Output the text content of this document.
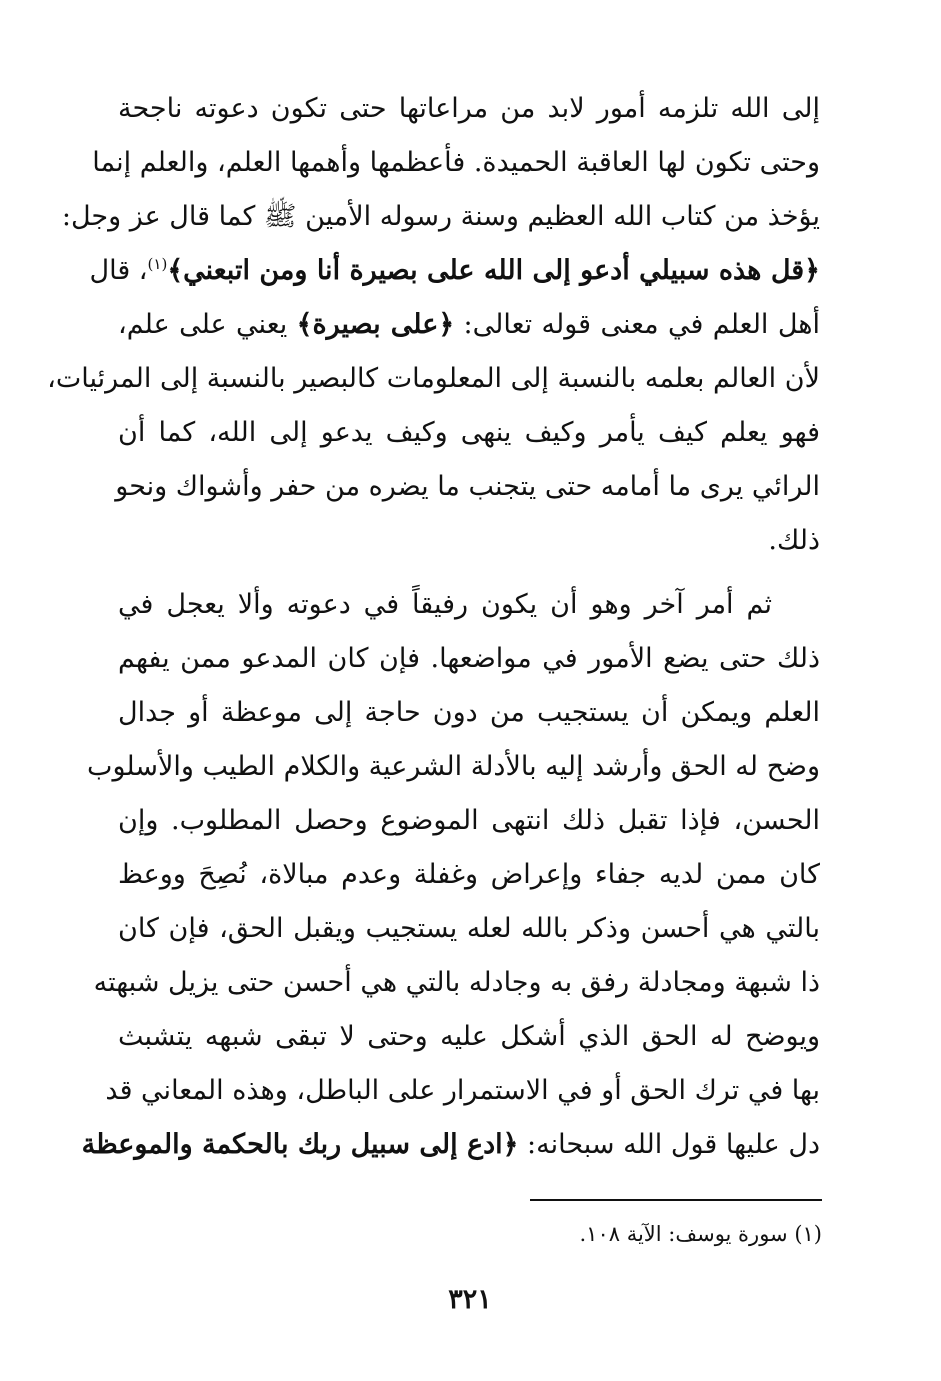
إلى الله تلزمه أمور لابد من مراعاتها حتى تكون دعوته ناجحة
وحتى تكون لها العاقبة الحميدة. فأعظمها وأهمها العلم، والعلم إنما
يؤخذ من كتاب الله العظيم وسنة رسوله الأمين ﷺ كما قال عز وجل:
﴿قل هذه سبيلي أدعو إلى الله على بصيرة أنا ومن اتبعني﴾$^{(١)}$، قال
أهل العلم في معنى قوله تعالى: ﴿على بصيرة﴾ يعني على علم،
لأن العالم بعلمه بالنسبة إلى المعلومات كالبصير بالنسبة إلى المرئيات،
فهو يعلم كيف يأمر وكيف ينهى وكيف يدعو إلى الله، كما أن
الرائي يرى ما أمامه حتى يتجنب ما يضره من حفر وأشواك ونحو
ذلك.
ثم أمر آخر وهو أن يكون رفيقاً في دعوته وألا يعجل في
ذلك حتى يضع الأمور في مواضعها. فإن كان المدعو ممن يفهم
العلم ويمكن أن يستجيب من دون حاجة إلى موعظة أو جدال
وضح له الحق وأرشد إليه بالأدلة الشرعية والكلام الطيب والأسلوب
الحسن، فإذا تقبل ذلك انتهى الموضوع وحصل المطلوب. وإن
كان ممن لديه جفاء وإعراض وغفلة وعدم مبالاة، نُصِحَ ووعظ
بالتي هي أحسن وذكر بالله لعله يستجيب ويقبل الحق، فإن كان
ذا شبهة ومجادلة رفق به وجادله بالتي هي أحسن حتى يزيل شبهته
ويوضح له الحق الذي أشكل عليه وحتى لا تبقى شبهه يتشبث
بها في ترك الحق أو في الاستمرار على الباطل، وهذه المعاني قد
دل عليها قول الله سبحانه: ﴿ادع إلى سبيل ربك بالحكمة والموعظة
(١) سورة يوسف: الآية ١٠٨.
٣٢١
